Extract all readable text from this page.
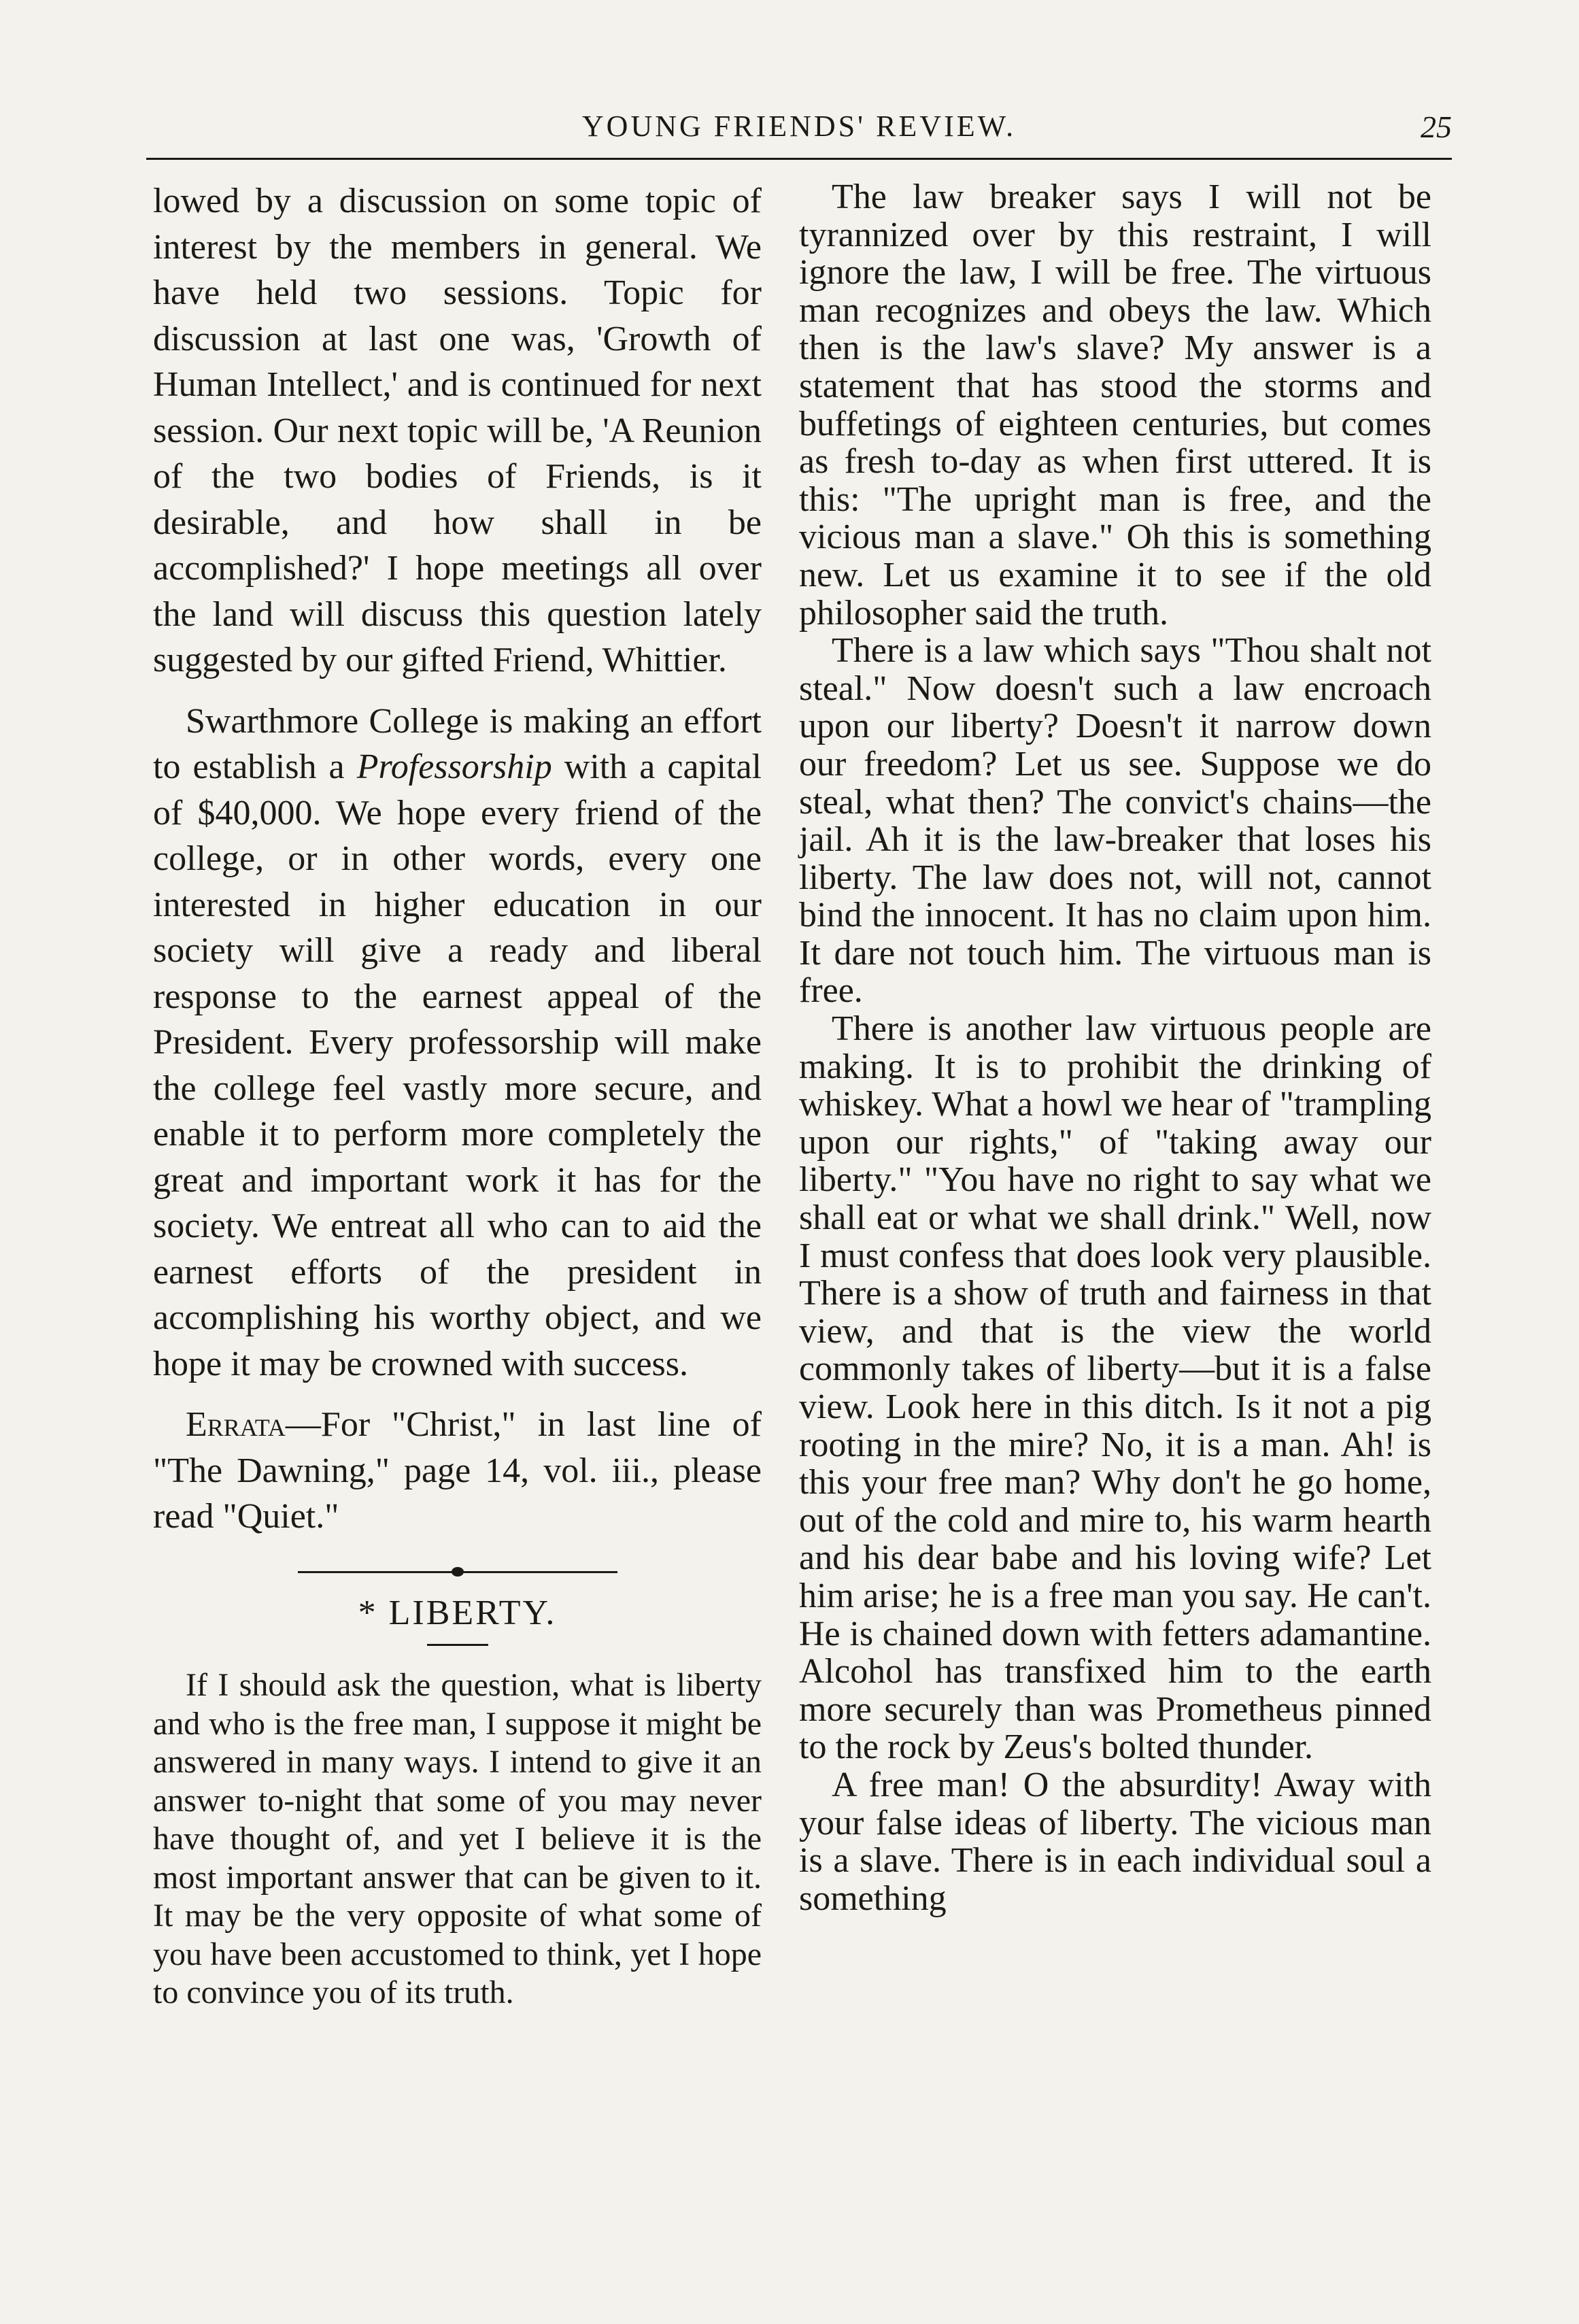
YOUNG FRIENDS' REVIEW.	25

lowed by a discussion on some topic of interest by the members in general. We have held two sessions. Topic for discussion at last one was, 'Growth of Human Intellect,' and is continued for next session. Our next topic will be, 'A Reunion of the two bodies of Friends, is it desirable, and how shall in be accomplished?' I hope meetings all over the land will discuss this question lately suggested by our gifted Friend, Whittier.

Swarthmore College is making an effort to establish a Professorship with a capital of $40,000. We hope every friend of the college, or in other words, every one interested in higher education in our society will give a ready and liberal response to the earnest appeal of the President. Every professorship will make the college feel vastly more secure, and enable it to perform more completely the great and important work it has for the society. We entreat all who can to aid the earnest efforts of the president in accomplishing his worthy object, and we hope it may be crowned with success.

Errata—For "Christ," in last line of "The Dawning," page 14, vol. iii., please read "Quiet."

* LIBERTY.

If I should ask the question, what is liberty and who is the free man, I suppose it might be answered in many ways. I intend to give it an answer to-night that some of you may never have thought of, and yet I believe it is the most important answer that can be given to it. It may be the very opposite of what some of you have been accustomed to think, yet I hope to convince you of its truth.

The law breaker says I will not be tyrannized over by this restraint, I will ignore the law, I will be free. The virtuous man recognizes and obeys the law. Which then is the law's slave? My answer is a statement that has stood the storms and buffetings of eighteen centuries, but comes as fresh to-day as when first uttered. It is this: "The upright man is free, and the vicious man a slave." Oh this is something new. Let us examine it to see if the old philosopher said the truth.

There is a law which says "Thou shalt not steal." Now doesn't such a law encroach upon our liberty? Doesn't it narrow down our freedom? Let us see. Suppose we do steal, what then? The convict's chains—the jail. Ah it is the law-breaker that loses his liberty. The law does not, will not, cannot bind the innocent. It has no claim upon him. It dare not touch him. The virtuous man is free.

There is another law virtuous people are making. It is to prohibit the drinking of whiskey. What a howl we hear of "trampling upon our rights," of "taking away our liberty." "You have no right to say what we shall eat or what we shall drink." Well, now I must confess that does look very plausible. There is a show of truth and fairness in that view, and that is the view the world commonly takes of liberty—but it is a false view. Look here in this ditch. Is it not a pig rooting in the mire? No, it is a man. Ah! is this your free man? Why don't he go home, out of the cold and mire to, his warm hearth and his dear babe and his loving wife? Let him arise; he is a free man you say. He can't. He is chained down with fetters adamantine. Alcohol has transfixed him to the earth more securely than was Prometheus pinned to the rock by Zeus's bolted thunder.

A free man! O the absurdity! Away with your false ideas of liberty. The vicious man is a slave. There is in each individual soul a something
